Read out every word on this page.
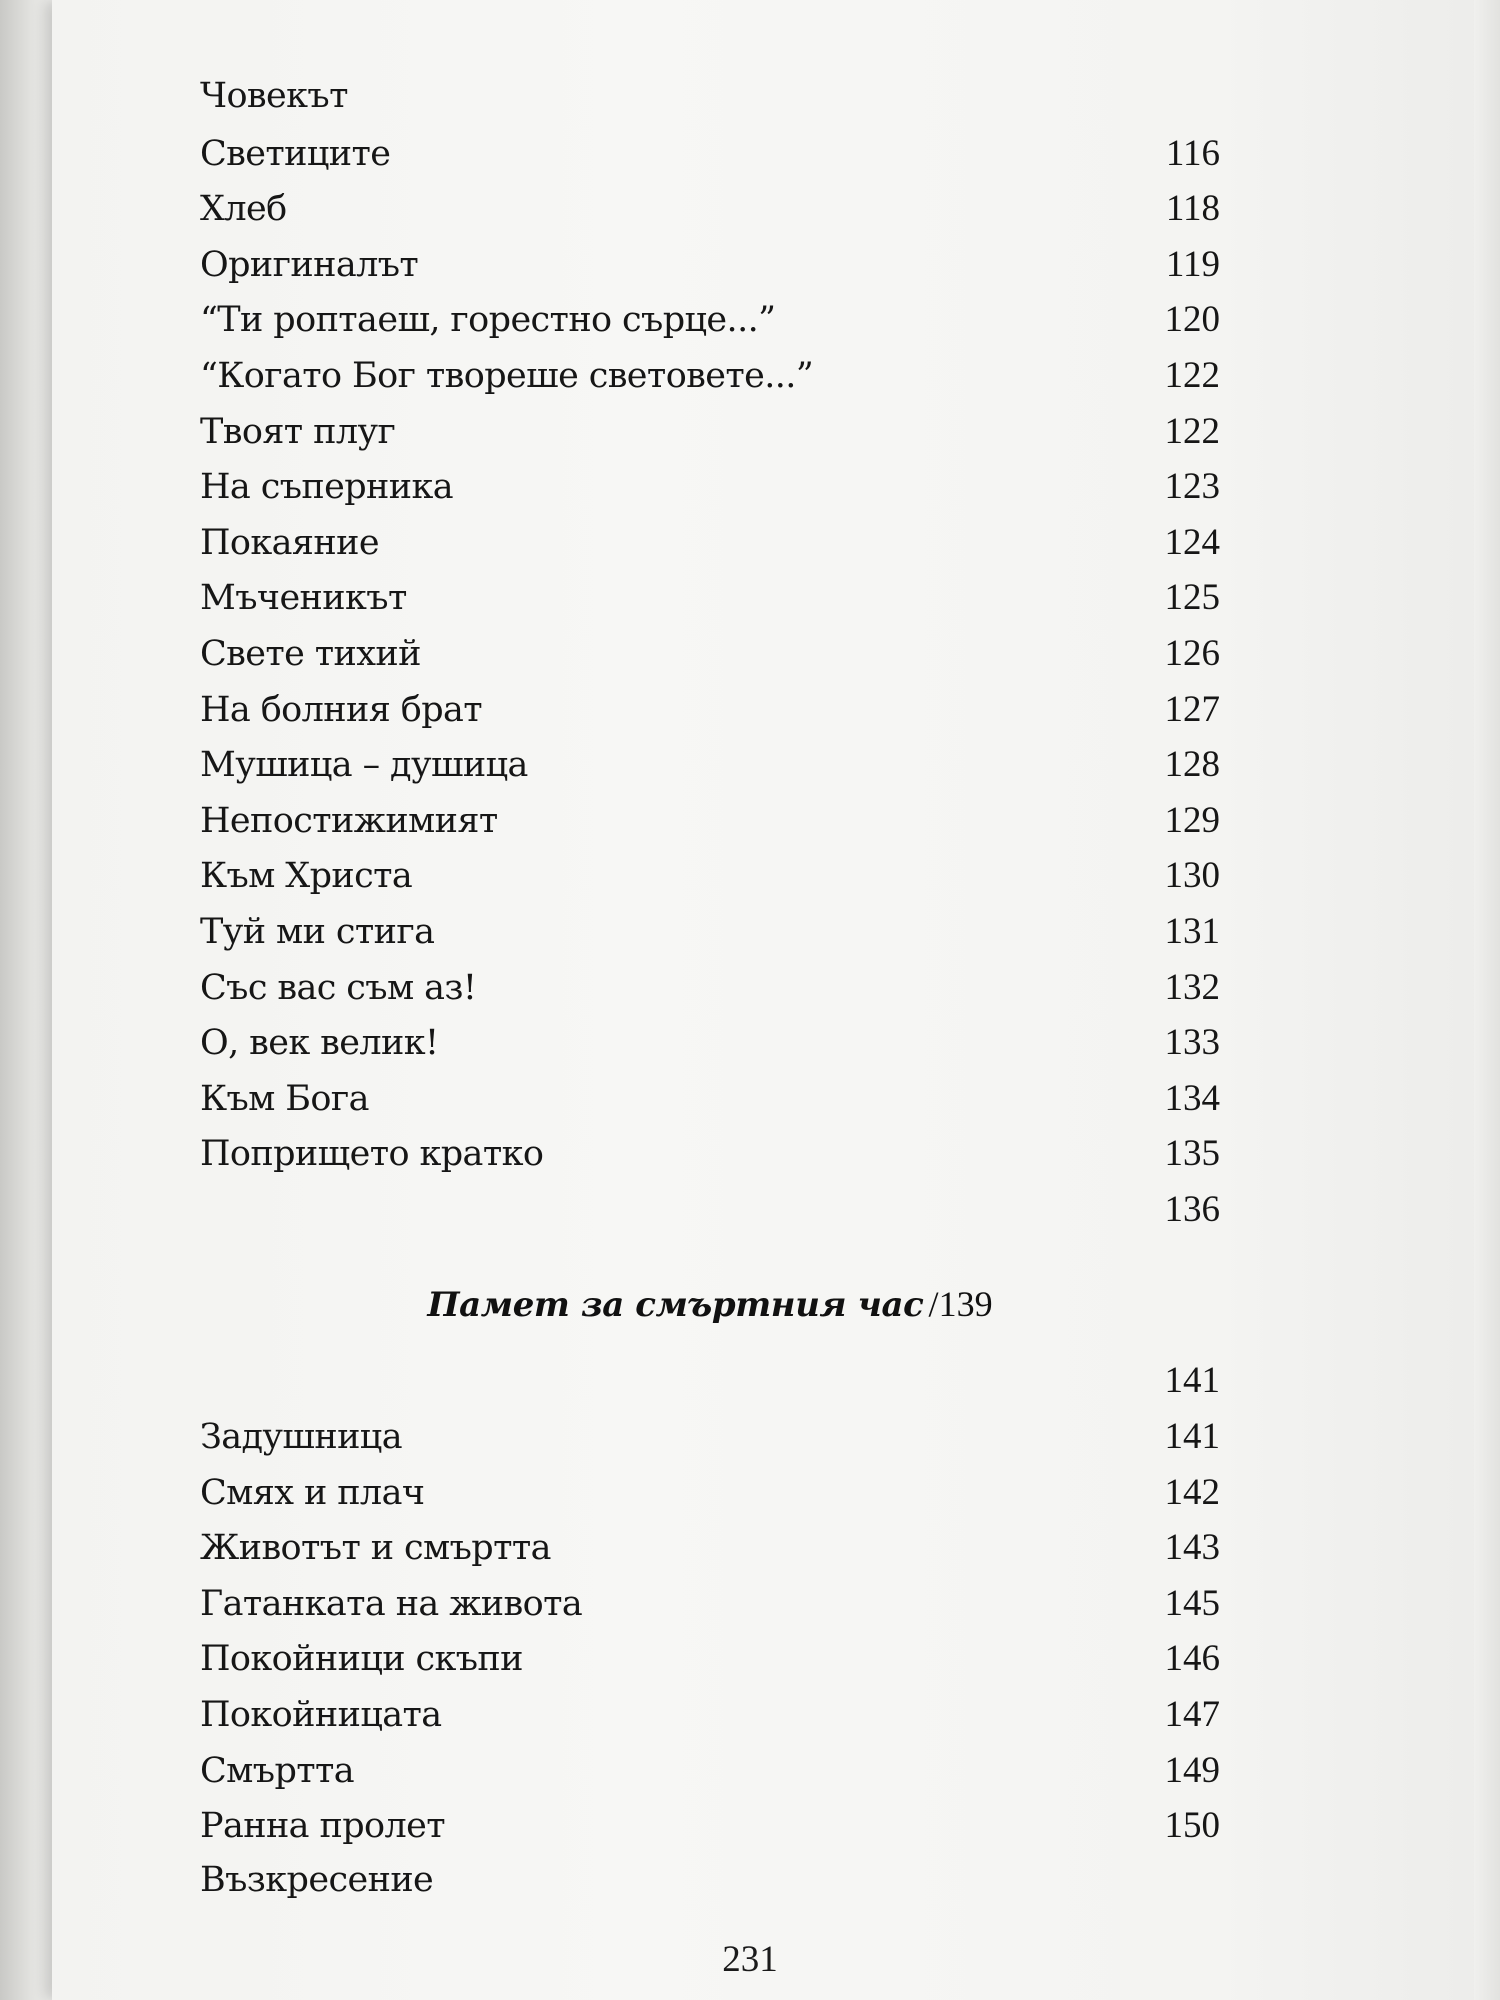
Човекът
Светиците	116
Хлеб	118
Оригиналът	119
“Ти роптаеш, горестно сърце...”	120
“Когато Бог твореше световете...”	122
Твоят плуг	122
На съперника	123
Покаяние	124
Мъченикът	125
Свете тихий	126
На болния брат	127
Мушица – душица	128
Непостижимият	129
Към Христа	130
Туй ми стига	131
Със вас съм аз!	132
О, век велик!	133
Към Бога	134
Попрището кратко	135
136
Памет за смъртния час /139
141
Задушница	141
Смях и плач	142
Животът и смъртта	143
Гатанката на живота	145
Покойници скъпи	146
Покойницата	147
Смъртта	149
Ранна пролет	150
Възкресение
231
